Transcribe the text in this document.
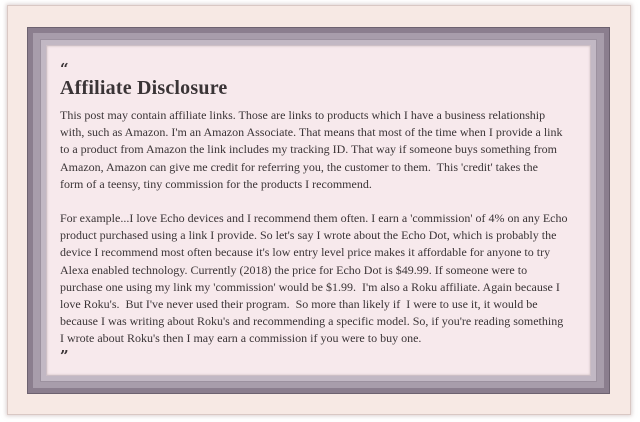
“
Affiliate Disclosure

This post may contain affiliate links. Those are links to products which I have a business relationship
with, such as Amazon. I'm an Amazon Associate. That means that most of the time when I provide a link
to a product from Amazon the link includes my tracking ID. That way if someone buys something from
Amazon, Amazon can give me credit for referring you, the customer to them.  This 'credit' takes the
form of a teensy, tiny commission for the products I recommend.

For example...I love Echo devices and I recommend them often. I earn a 'commission' of 4% on any Echo
product purchased using a link I provide. So let's say I wrote about the Echo Dot, which is probably the
device I recommend most often because it's low entry level price makes it affordable for anyone to try
Alexa enabled technology. Currently (2018) the price for Echo Dot is $49.99. If someone were to
purchase one using my link my 'commission' would be $1.99.  I'm also a Roku affiliate. Again because I
love Roku's.  But I've never used their program.  So more than likely if  I were to use it, it would be
because I was writing about Roku's and recommending a specific model. So, if you're reading something
I wrote about Roku's then I may earn a commission if you were to buy one.

”
